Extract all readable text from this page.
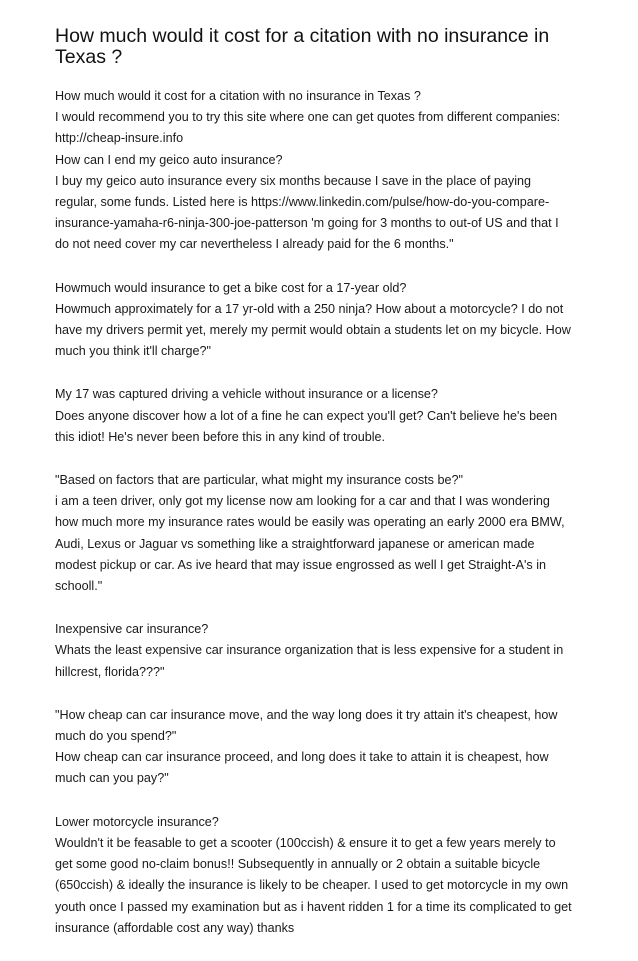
How much would it cost for a citation with no insurance in
Texas ?
How much would it cost for a citation with no insurance in Texas ?
I would recommend you to try this site where one can get quotes from different companies:
http://cheap-insure.info
How can I end my geico auto insurance?
I buy my geico auto insurance every six months because I save in the place of paying
regular, some funds. Listed here is https://www.linkedin.com/pulse/how-do-you-compare-
insurance-yamaha-r6-ninja-300-joe-patterson 'm going for 3 months to out-of US and that I
do not need cover my car nevertheless I already paid for the 6 months."
Howmuch would insurance to get a bike cost for a 17-year old?
Howmuch approximately for a 17 yr-old with a 250 ninja? How about a motorcycle? I do not
have my drivers permit yet, merely my permit would obtain a students let on my bicycle. How
much you think it'll charge?"
My 17 was captured driving a vehicle without insurance or a license?
Does anyone discover how a lot of a fine he can expect you'll get? Can't believe he's been
this idiot! He's never been before this in any kind of trouble.
"Based on factors that are particular, what might my insurance costs be?"
i am a teen driver, only got my license now am looking for a car and that I was wondering
how much more my insurance rates would be easily was operating an early 2000 era BMW,
Audi, Lexus or Jaguar vs something like a straightforward japanese or american made
modest pickup or car. As ive heard that may issue engrossed as well I get Straight-A's in
schooll."
Inexpensive car insurance?
Whats the least expensive car insurance organization that is less expensive for a student in
hillcrest, florida???"
"How cheap can car insurance move, and the way long does it try attain it's cheapest, how
much do you spend?"
How cheap can car insurance proceed, and long does it take to attain it is cheapest, how
much can you pay?"
Lower motorcycle insurance?
Wouldn't it be feasable to get a scooter (100ccish) & ensure it to get a few years merely to
get some good no-claim bonus!! Subsequently in annually or 2 obtain a suitable bicycle
(650ccish) & ideally the insurance is likely to be cheaper. I used to get motorcycle in my own
youth once I passed my examination but as i havent ridden 1 for a time its complicated to get
insurance (affordable cost any way) thanks
